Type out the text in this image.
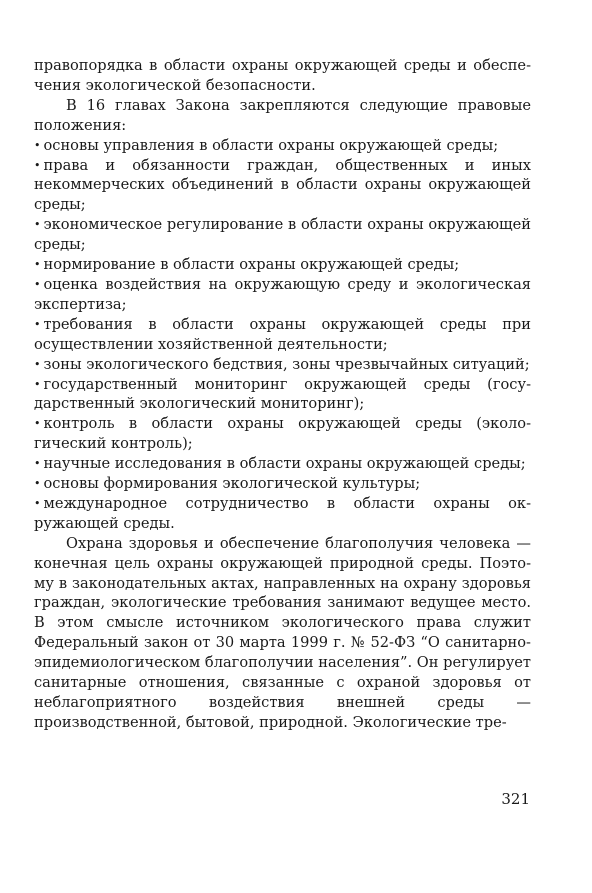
правопорядка в области охраны окружающей среды и обеспечения экологической безопасности.

В 16 главах Закона закрепляются следующие правовые положения:

• основы управления в области охраны окружающей среды;

• права и обязанности граждан, общественных и иных некоммерческих объединений в области охраны окружающей среды;

• экономическое регулирование в области охраны окружающей среды;

• нормирование в области охраны окружающей среды;

• оценка воздействия на окружающую среду и экологическая экспертиза;

• требования в области охраны окружающей среды при осуществлении хозяйственной деятельности;

• зоны экологического бедствия, зоны чрезвычайных ситуаций;

• государственный мониторинг окружающей среды (государственный экологический мониторинг);

• контроль в области охраны окружающей среды (экологический контроль);

• научные исследования в области охраны окружающей среды;

• основы формирования экологической культуры;

• международное сотрудничество в области охраны окружающей среды.

Охрана здоровья и обеспечение благополучия человека — конечная цель охраны окружающей природной среды. Поэтому в законодательных актах, направленных на охрану здоровья граждан, экологические требования занимают ведущее место. В этом смысле источником экологического права служит Федеральный закон от 30 марта 1999 г. № 52-ФЗ “О санитарно-эпидемиологическом благополучии населения”. Он регулирует санитарные отношения, связанные с охраной здоровья от неблагоприятного воздействия внешней среды — производственной, бытовой, природной. Экологические тре-

321
